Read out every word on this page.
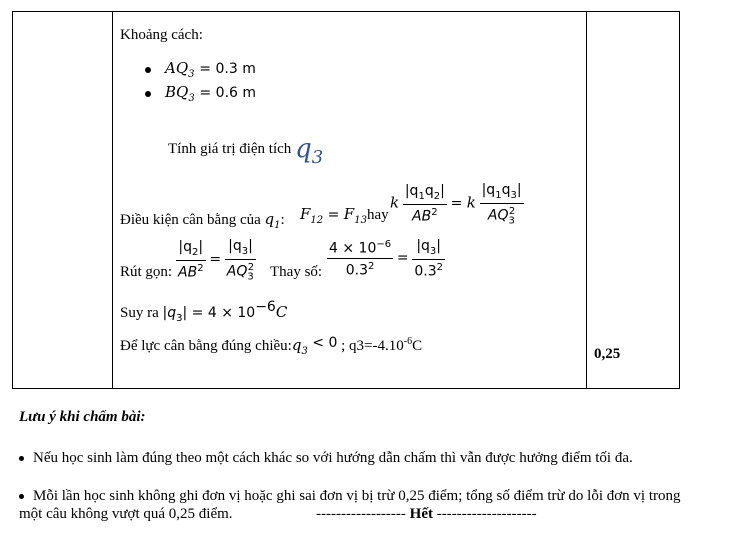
Khoảng cách:
$AQ_3 = 0.3$ m
$BQ_3 = 0.6$ m
Tính giá trị điện tích $q_3$
Điều kiện cân bằng của $q_1$: $F_{12} = F_{13}hay$
k $\frac{|q_1q_2|}{AB^2} = k \frac{|q_1q_3|}{AQ_3^2}$
Rút gọn: $\frac{|q_2|}{AB^2} = \frac{|q_3|}{AQ_3^2}$ Thay số: $\frac{4 \times 10^{-6}}{0.3^2} = \frac{|q_3|}{0.3^2}$
Suy ra $|q_3| = 4 \times 10^{-6}C$
Để lực cân bằng đúng $chiều:q_3 < 0$ ; $q3=-4.10^{-6}C$	0,25
Lưu ý khi chấm bài:
Nếu học sinh làm đúng theo một cách khác so với hướng dẫn chấm thì vẫn được hưởng điểm tối đa.
Mỗi lần học sinh không ghi đơn vị hoặc ghi sai đơn vị bị trừ 0,25 điểm; tổng số điểm trừ do lỗi đơn vị trong
một câu không vượt quá 0,25 điểm.	------------------ Hết --------------------
